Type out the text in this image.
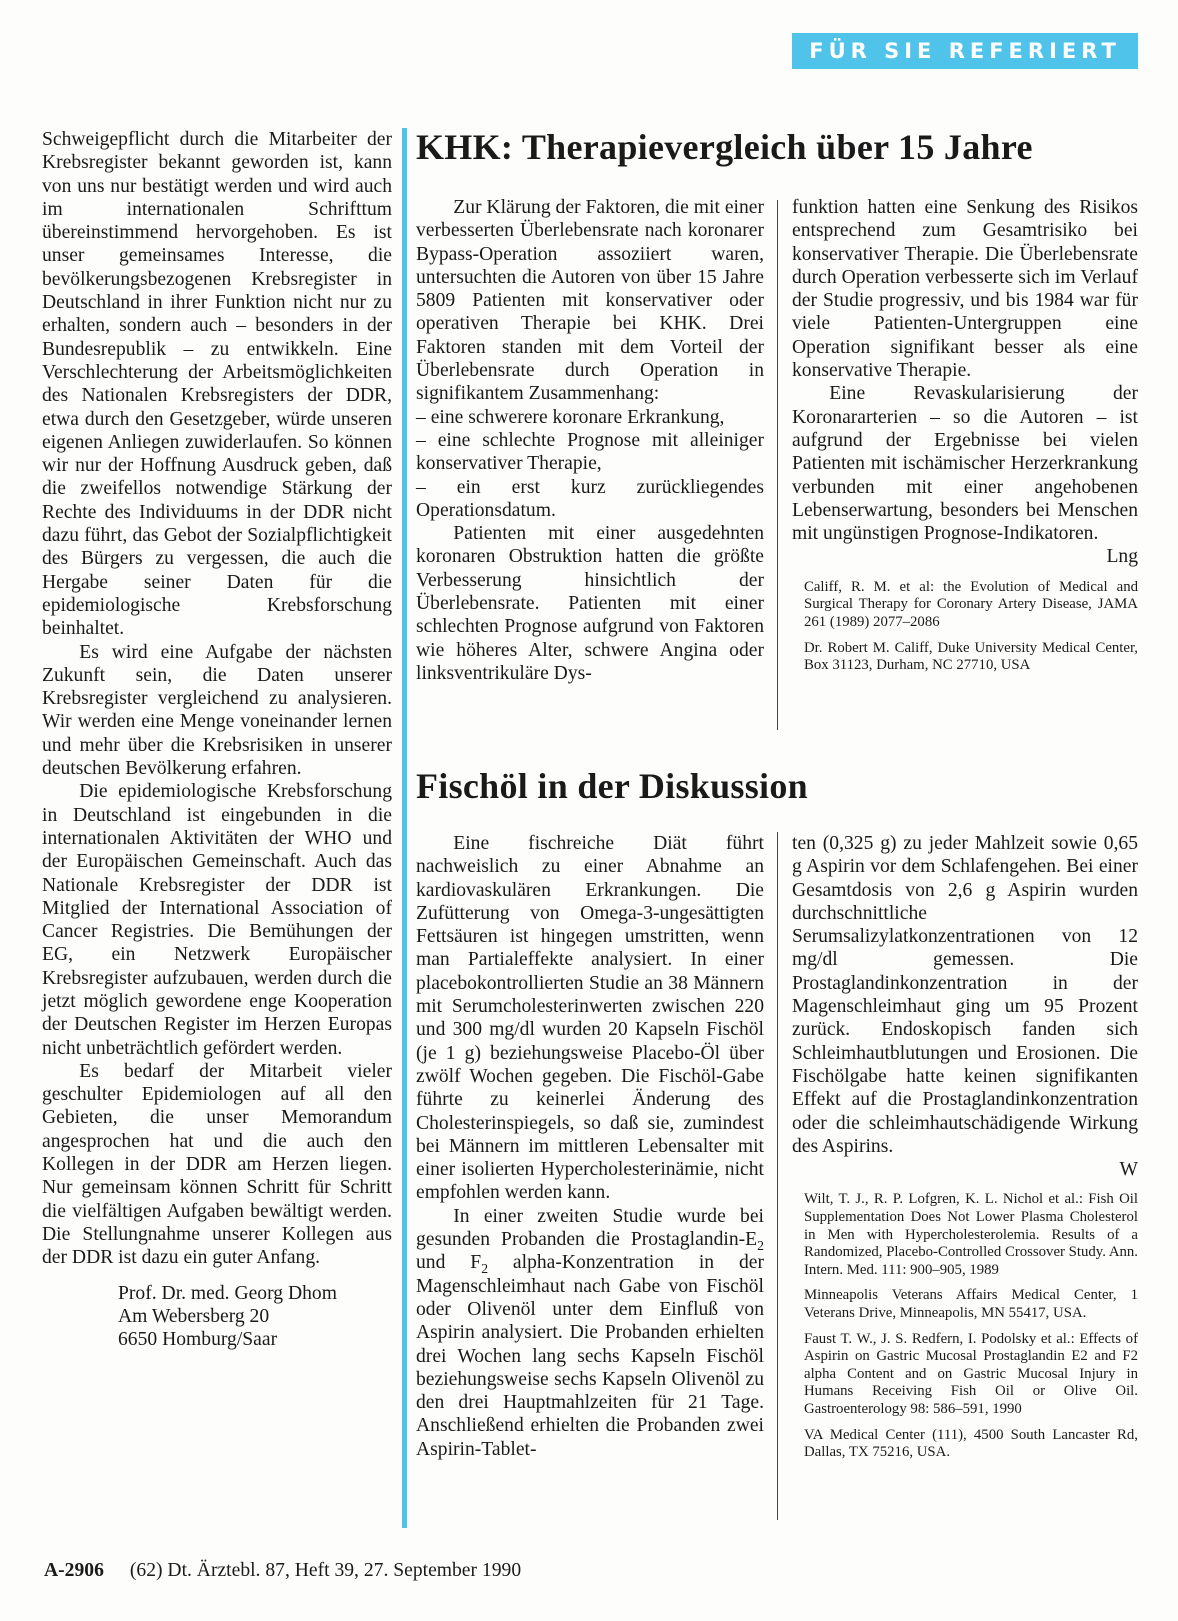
FÜR SIE REFERIERT

Schweigepflicht durch die Mitarbeiter der Krebsregister bekannt geworden ist, kann von uns nur bestätigt werden und wird auch im internationalen Schrifttum übereinstimmend hervorgehoben. Es ist unser gemeinsames Interesse, die bevölkerungsbezogenen Krebsregister in Deutschland in ihrer Funktion nicht nur zu erhalten, sondern auch – besonders in der Bundesrepublik – zu entwikkeln. Eine Verschlechterung der Arbeitsmöglichkeiten des Nationalen Krebsregisters der DDR, etwa durch den Gesetzgeber, würde unseren eigenen Anliegen zuwiderlaufen. So können wir nur der Hoffnung Ausdruck geben, daß die zweifellos notwendige Stärkung der Rechte des Individuums in der DDR nicht dazu führt, das Gebot der Sozialpflichtigkeit des Bürgers zu vergessen, die auch die Hergabe seiner Daten für die epidemiologische Krebsforschung beinhaltet.

Es wird eine Aufgabe der nächsten Zukunft sein, die Daten unserer Krebsregister vergleichend zu analysieren. Wir werden eine Menge voneinander lernen und mehr über die Krebsrisiken in unserer deutschen Bevölkerung erfahren.

Die epidemiologische Krebsforschung in Deutschland ist eingebunden in die internationalen Aktivitäten der WHO und der Europäischen Gemeinschaft. Auch das Nationale Krebsregister der DDR ist Mitglied der International Association of Cancer Registries. Die Bemühungen der EG, ein Netzwerk Europäischer Krebsregister aufzubauen, werden durch die jetzt möglich gewordene enge Kooperation der Deutschen Register im Herzen Europas nicht unbeträchtlich gefördert werden.

Es bedarf der Mitarbeit vieler geschulter Epidemiologen auf all den Gebieten, die unser Memorandum angesprochen hat und die auch den Kollegen in der DDR am Herzen liegen. Nur gemeinsam können Schritt für Schritt die vielfältigen Aufgaben bewältigt werden. Die Stellungnahme unserer Kollegen aus der DDR ist dazu ein guter Anfang.

Prof. Dr. med. Georg Dhom
Am Webersberg 20
6650 Homburg/Saar
KHK: Therapievergleich über 15 Jahre

Zur Klärung der Faktoren, die mit einer verbesserten Überlebensrate nach koronarer Bypass-Operation assoziiert waren, untersuchten die Autoren von über 15 Jahre 5809 Patienten mit konservativer oder operativen Therapie bei KHK. Drei Faktoren standen mit dem Vorteil der Überlebensrate durch Operation in signifikantem Zusammenhang:

– eine schwerere koronare Erkrankung,

– eine schlechte Prognose mit alleiniger konservativer Therapie,

– ein erst kurz zurückliegendes Operationsdatum.

Patienten mit einer ausgedehnten koronaren Obstruktion hatten die größte Verbesserung hinsichtlich der Überlebensrate. Patienten mit einer schlechten Prognose aufgrund von Faktoren wie höheres Alter, schwere Angina oder linksventrikuläre Dys-

funktion hatten eine Senkung des Risikos entsprechend zum Gesamtrisiko bei konservativer Therapie. Die Überlebensrate durch Operation verbesserte sich im Verlauf der Studie progressiv, und bis 1984 war für viele Patienten-Untergruppen eine Operation signifikant besser als eine konservative Therapie.

Eine Revaskularisierung der Koronararterien – so die Autoren – ist aufgrund der Ergebnisse bei vielen Patienten mit ischämischer Herzerkrankung verbunden mit einer angehobenen Lebenserwartung, besonders bei Menschen mit ungünstigen Prognose-Indikatoren.

Lng

Califf, R. M. et al: the Evolution of Medical and Surgical Therapy for Coronary Artery Disease, JAMA 261 (1989) 2077–2086

Dr. Robert M. Califf, Duke University Medical Center, Box 31123, Durham, NC 27710, USA

Fischöl in der Diskussion

Eine fischreiche Diät führt nachweislich zu einer Abnahme an kardiovaskulären Erkrankungen. Die Zufütterung von Omega-3-ungesättigten Fettsäuren ist hingegen umstritten, wenn man Partialeffekte analysiert. In einer placebokontrollierten Studie an 38 Männern mit Serumcholesterinwerten zwischen 220 und 300 mg/dl wurden 20 Kapseln Fischöl (je 1 g) beziehungsweise Placebo-Öl über zwölf Wochen gegeben. Die Fischöl-Gabe führte zu keinerlei Änderung des Cholesterinspiegels, so daß sie, zumindest bei Männern im mittleren Lebensalter mit einer isolierten Hypercholesterinämie, nicht empfohlen werden kann.

In einer zweiten Studie wurde bei gesunden Probanden die Prostaglandin-$E_2$ und $F_2$ alpha-Konzentration in der Magenschleimhaut nach Gabe von Fischöl oder Olivenöl unter dem Einfluß von Aspirin analysiert. Die Probanden erhielten drei Wochen lang sechs Kapseln Fischöl beziehungsweise sechs Kapseln Olivenöl zu den drei Hauptmahlzeiten für 21 Tage. Anschließend erhielten die Probanden zwei Aspirin-Tablet-

ten (0,325 g) zu jeder Mahlzeit sowie 0,65 g Aspirin vor dem Schlafengehen. Bei einer Gesamtdosis von 2,6 g Aspirin wurden durchschnittliche Serumsalizylatkonzentrationen von 12 mg/dl gemessen. Die Prostaglandinkonzentration in der Magenschleimhaut ging um 95 Prozent zurück. Endoskopisch fanden sich Schleimhautblutungen und Erosionen. Die Fischölgabe hatte keinen signifikanten Effekt auf die Prostaglandinkonzentration oder die schleimhautschädigende Wirkung des Aspirins.

W

Wilt, T. J., R. P. Lofgren, K. L. Nichol et al.: Fish Oil Supplementation Does Not Lower Plasma Cholesterol in Men with Hypercholesterolemia. Results of a Randomized, Placebo-Controlled Crossover Study. Ann. Intern. Med. 111: 900–905, 1989

Minneapolis Veterans Affairs Medical Center, 1 Veterans Drive, Minneapolis, MN 55417, USA.

Faust T. W., J. S. Redfern, I. Podolsky et al.: Effects of Aspirin on Gastric Mucosal Prostaglandin E2 and F2 alpha Content and on Gastric Mucosal Injury in Humans Receiving Fish Oil or Olive Oil. Gastroenterology 98: 586–591, 1990

VA Medical Center (111), 4500 South Lancaster Rd, Dallas, TX 75216, USA.

A-2906 (62) Dt. Ärztebl. 87, Heft 39, 27. September 1990
